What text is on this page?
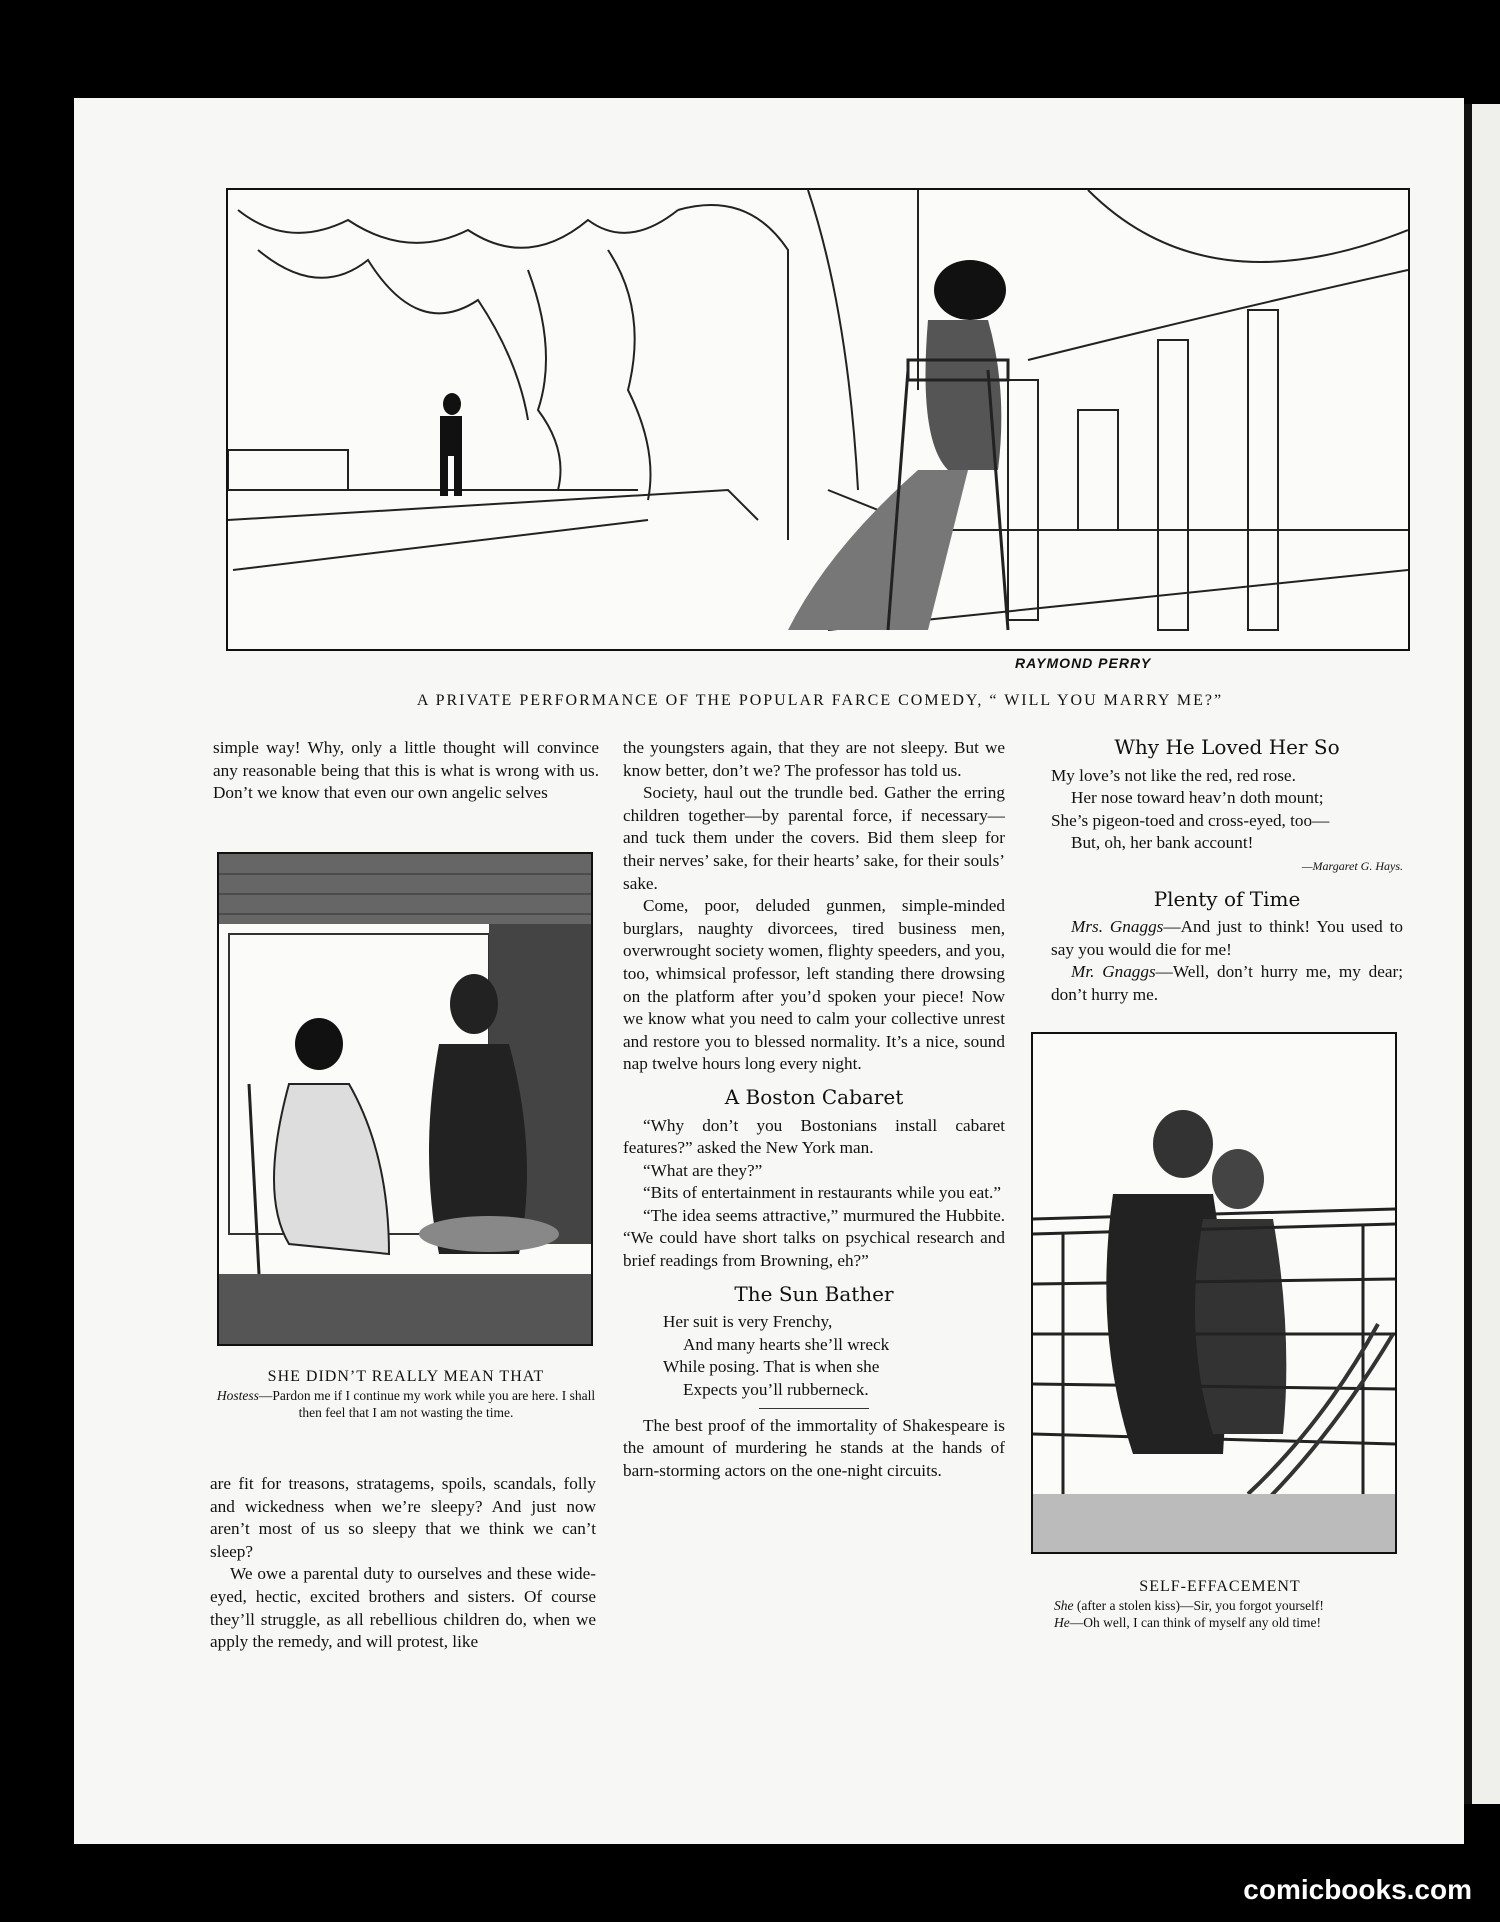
RAYMOND PERRY
A PRIVATE PERFORMANCE OF THE POPULAR FARCE COMEDY, “ WILL YOU MARRY ME?”

simple way! Why, only a little thought will convince any reasonable being that this is what is wrong with us. Don’t we know that even our own angelic selves

SHE DIDN’T REALLY MEAN THAT
Hostess—Pardon me if I continue my work while you are here. I shall then feel that I am not wasting the time.

are fit for treasons, stratagems, spoils, scandals, folly and wickedness when we’re sleepy? And just now aren’t most of us so sleepy that we think we can’t sleep?

We owe a parental duty to ourselves and these wide-eyed, hectic, excited brothers and sisters. Of course they’ll struggle, as all rebellious children do, when we apply the remedy, and will protest, like

the youngsters again, that they are not sleepy. But we know better, don’t we? The professor has told us.

Society, haul out the trundle bed. Gather the erring children together—by parental force, if necessary—and tuck them under the covers. Bid them sleep for their nerves’ sake, for their hearts’ sake, for their souls’ sake.

Come, poor, deluded gunmen, simple-minded burglars, naughty divorcees, tired business men, overwrought society women, flighty speeders, and you, too, whimsical professor, left standing there drowsing on the platform after you’d spoken your piece! Now we know what you need to calm your collective unrest and restore you to blessed normality. It’s a nice, sound nap twelve hours long every night.

A Boston Cabaret

“Why don’t you Bostonians install cabaret features?” asked the New York man.

“What are they?”

“Bits of entertainment in restaurants while you eat.”

“The idea seems attractive,” murmured the Hubbite. “We could have short talks on psychical research and brief readings from Browning, eh?”

The Sun Bather
Her suit is very Frenchy,
And many hearts she’ll wreck
While posing. That is when she
Expects you’ll rubberneck.

The best proof of the immortality of Shakespeare is the amount of murdering he stands at the hands of barn-storming actors on the one-night circuits.

Why He Loved Her So
My love’s not like the red, red rose.
Her nose toward heav’n doth mount;
She’s pigeon-toed and cross-eyed, too—
But, oh, her bank account!
—Margaret G. Hays.
Plenty of Time

Mrs. Gnaggs—And just to think! You used to say you would die for me!

Mr. Gnaggs—Well, don’t hurry me, my dear; don’t hurry me.

SELF-EFFACEMENT
She (after a stolen kiss)—Sir, you forgot yourself!
He—Oh well, I can think of myself any old time!
comicbooks.com
